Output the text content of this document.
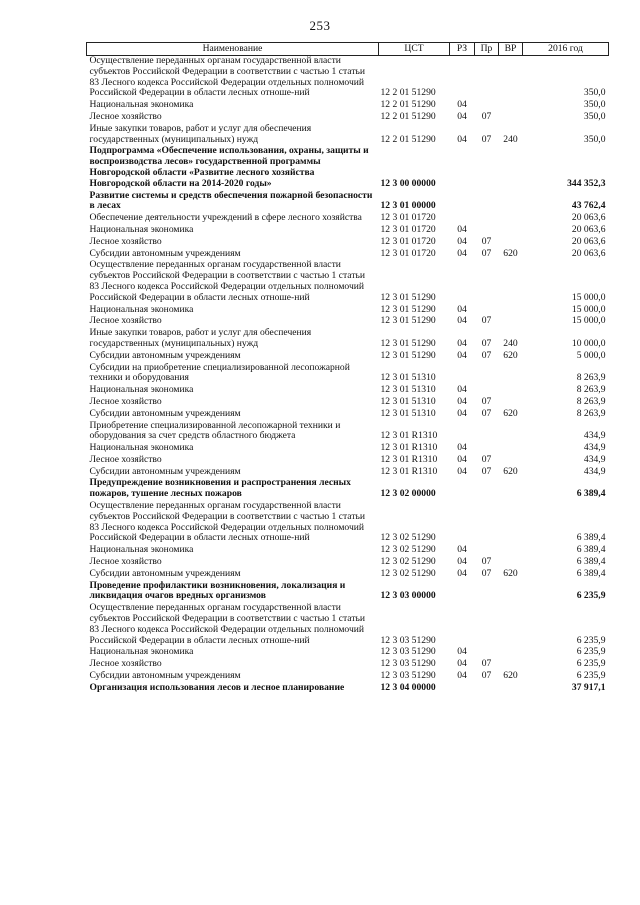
253
Наименование	ЦСТ	РЗ	Пр	ВР	2016 год
Осуществление переданных органам государственной власти субъектов Российской Федерации в соответствии с частью 1 статьи 83 Лесного кодекса Российской Федерации отдельных полномочий Российской Федерации в области лесных отноше-ний	12 2 01 51290				350,0
Национальная экономика	12 2 01 51290	04			350,0
Лесное хозяйство	12 2 01 51290	04	07		350,0
Иные закупки товаров, работ и услуг для обеспечения государственных (муниципальных) нужд	12 2 01 51290	04	07	240	350,0
Подпрограмма «Обеспечение использования, охраны, защиты и воспроизводства лесов» государственной программы Новгородской области «Развитие лесного хозяйства Новгородской области на 2014-2020 годы»	12 3 00 00000				344 352,3
Развитие системы и средств обеспечения пожарной безопасности в лесах	12 3 01 00000				43 762,4
Обеспечение деятельности учреждений в сфере лесного хозяйства	12 3 01 01720				20 063,6
Национальная экономика	12 3 01 01720	04			20 063,6
Лесное хозяйство	12 3 01 01720	04	07		20 063,6
Субсидии автономным учреждениям	12 3 01 01720	04	07	620	20 063,6
Осуществление переданных органам государственной власти субъектов Российской Федерации в соответствии с частью 1 статьи 83 Лесного кодекса Российской Федерации отдельных полномочий Российской Федерации в области лесных отноше-ний	12 3 01 51290				15 000,0
Национальная экономика	12 3 01 51290	04			15 000,0
Лесное хозяйство	12 3 01 51290	04	07		15 000,0
Иные закупки товаров, работ и услуг для обеспечения государственных (муниципальных) нужд	12 3 01 51290	04	07	240	10 000,0
Субсидии автономным учреждениям	12 3 01 51290	04	07	620	5 000,0
Субсидии на приобретение специализированной лесопожарной техники и оборудования	12 3 01 51310				8 263,9
Национальная экономика	12 3 01 51310	04			8 263,9
Лесное хозяйство	12 3 01 51310	04	07		8 263,9
Субсидии автономным учреждениям	12 3 01 51310	04	07	620	8 263,9
Приобретение специализированной лесопожарной техники и оборудования за счет средств областного бюджета	12 3 01 R1310				434,9
Национальная экономика	12 3 01 R1310	04			434,9
Лесное хозяйство	12 3 01 R1310	04	07		434,9
Субсидии автономным учреждениям	12 3 01 R1310	04	07	620	434,9
Предупреждение возникновения и распространения лесных пожаров, тушение лесных пожаров	12 3 02 00000				6 389,4
Осуществление переданных органам государственной власти субъектов Российской Федерации в соответствии с частью 1 статьи 83 Лесного кодекса Российской Федерации отдельных полномочий Российской Федерации в области лесных отноше-ний	12 3 02 51290				6 389,4
Национальная экономика	12 3 02 51290	04			6 389,4
Лесное хозяйство	12 3 02 51290	04	07		6 389,4
Субсидии автономным учреждениям	12 3 02 51290	04	07	620	6 389,4
Проведение профилактики возникновения, локализация и ликвидация очагов вредных организмов	12 3 03 00000				6 235,9
Осуществление переданных органам государственной власти субъектов Российской Федерации в соответствии с частью 1 статьи 83 Лесного кодекса Российской Федерации отдельных полномочий Российской Федерации в области лесных отноше-ний	12 3 03 51290				6 235,9
Национальная экономика	12 3 03 51290	04			6 235,9
Лесное хозяйство	12 3 03 51290	04	07		6 235,9
Субсидии автономным учреждениям	12 3 03 51290	04	07	620	6 235,9
Организация использования лесов и лесное планирование	12 3 04 00000				37 917,1
